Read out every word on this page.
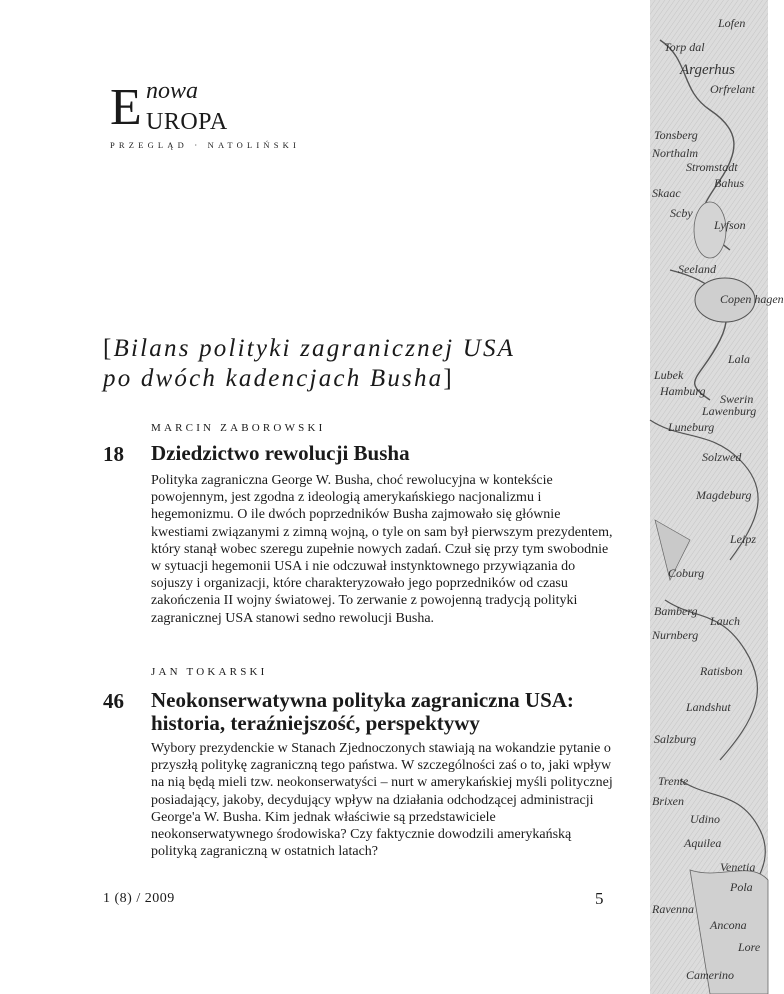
Lofen
Torp dal
Argerhus
Orfrelant
Tonsberg
Northalm
Stromstadt
Bahus
Skaac
Scby
Lyfson
Seeland
Copen hagen
Lala
Lubek
Hamburg
Lawenburg
Luneburg
Swerin
Solzwed
Magdeburg
Leipz
Coburg
Bamberg
Lauch
Nurnberg
Ratisbon
Landshut
Salzburg
Trente
Brixen
Udino
Aquilea
Venetia
Pola
Ravenna
Ancona
Lore
Camerino
E nowa
uropa
PRZEGLĄD · NATOLIŃSKI
[Bilans polityki zagranicznej USA
po dwóch kadencjach Busha]
MARCIN ZABOROWSKI
18 Dziedzictwo rewolucji Busha
Polityka zagraniczna George W. Busha, choć rewolucyjna w kontekście powojennym, jest zgodna z ideologią amerykańskiego nacjonalizmu i hegemonizmu. O ile dwóch poprzedników Busha zajmowało się głównie kwestiami związanymi z zimną wojną, o tyle on sam był pierwszym prezydentem, który stanął wobec szeregu zupełnie nowych zadań. Czuł się przy tym swobodnie w sytuacji hegemonii USA i nie odczuwał instynktownego przywiązania do sojuszy i organizacji, które charakteryzowało jego poprzedników od czasu zakończenia II wojny światowej. To zerwanie z powojenną tradycją polityki zagranicznej USA stanowi sedno rewolucji Busha.
JAN TOKARSKI
46 Neokonserwatywna polityka zagraniczna USA:
historia, teraźniejszość, perspektywy
Wybory prezydenckie w Stanach Zjednoczonych stawiają na wokandzie pytanie o przyszłą politykę zagraniczną tego państwa. W szczególności zaś o to, jaki wpływ na nią będą mieli tzw. neokonserwatyści – nurt w amerykańskiej myśli politycznej posiadający, jakoby, decydujący wpływ na działania odchodzącej administracji George'a W. Busha. Kim jednak właściwie są przedstawiciele neokonserwatywnego środowiska? Czy faktycznie dowodzili amerykańską polityką zagraniczną w ostatnich latach?
1 (8) / 2009	5
